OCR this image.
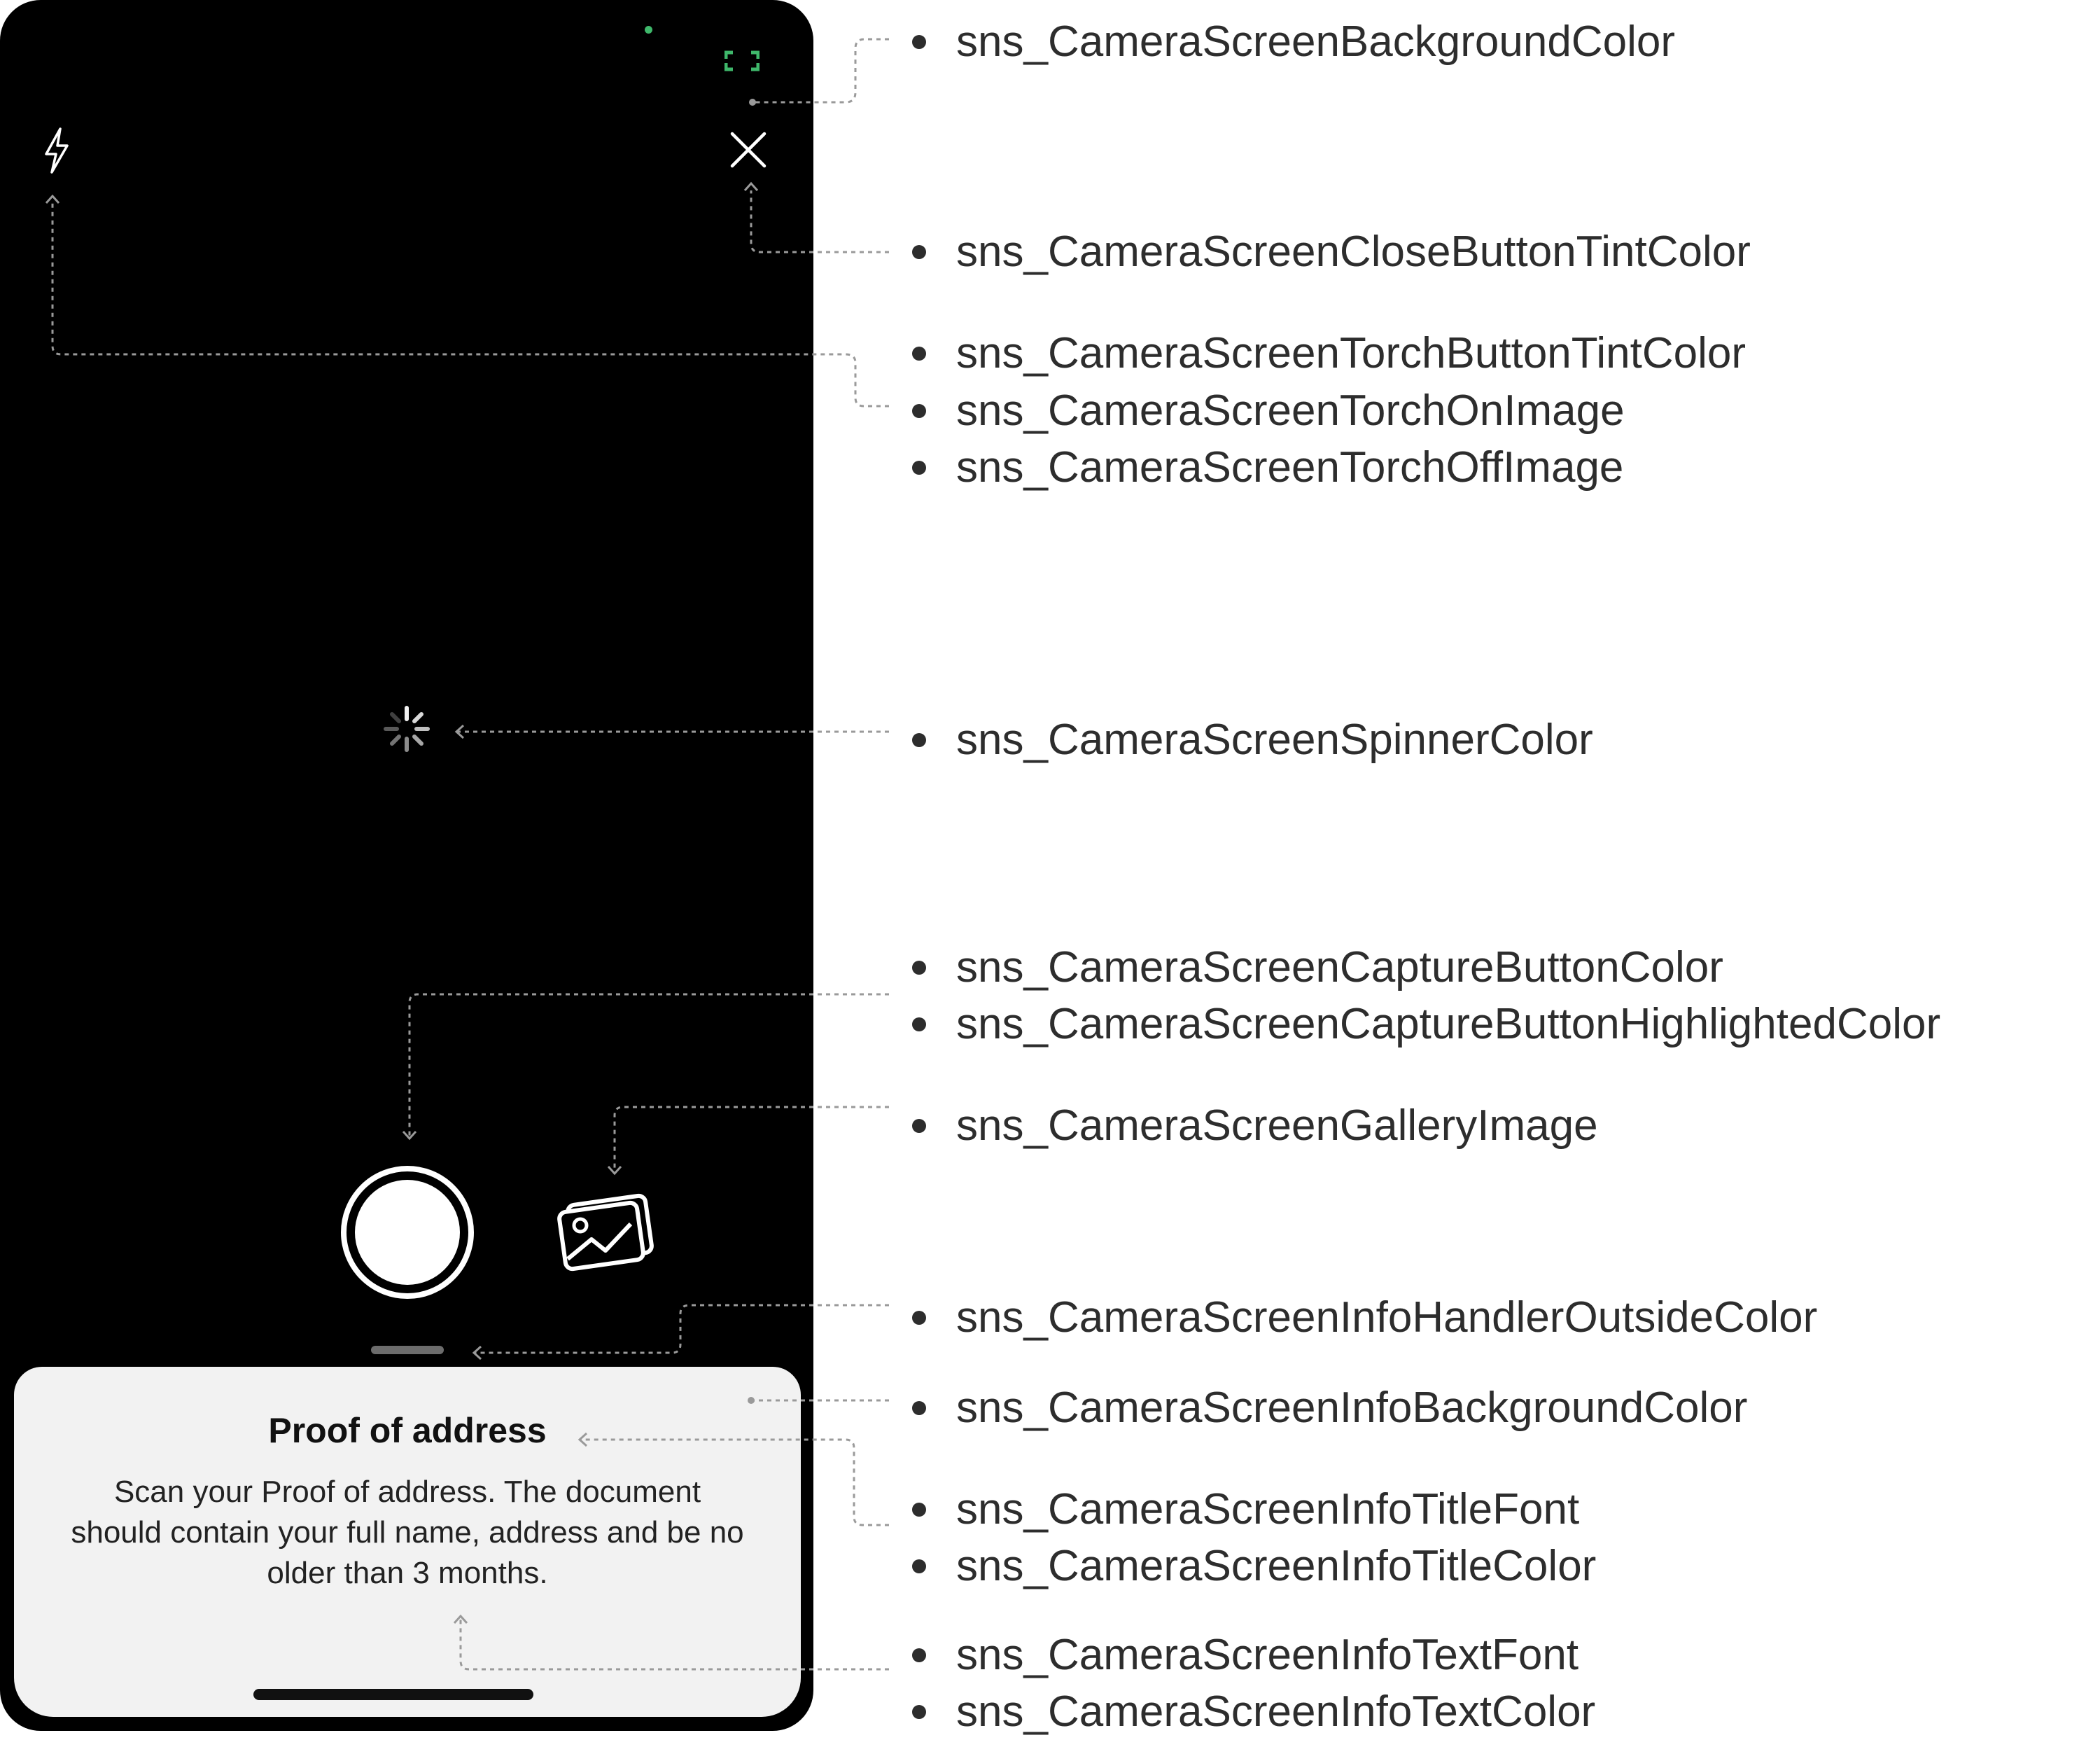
Proof of address
Scan your Proof of address. The document should contain your full name, address and be no older than 3 months.
sns_CameraScreenBackgroundColor
sns_CameraScreenCloseButtonTintColor
sns_CameraScreenTorchButtonTintColor
sns_CameraScreenTorchOnImage
sns_CameraScreenTorchOffImage
sns_CameraScreenSpinnerColor
sns_CameraScreenCaptureButtonColor
sns_CameraScreenCaptureButtonHighlightedColor
sns_CameraScreenGalleryImage
sns_CameraScreenInfoHandlerOutsideColor
sns_CameraScreenInfoBackgroundColor
sns_CameraScreenInfoTitleFont
sns_CameraScreenInfoTitleColor
sns_CameraScreenInfoTextFont
sns_CameraScreenInfoTextColor
